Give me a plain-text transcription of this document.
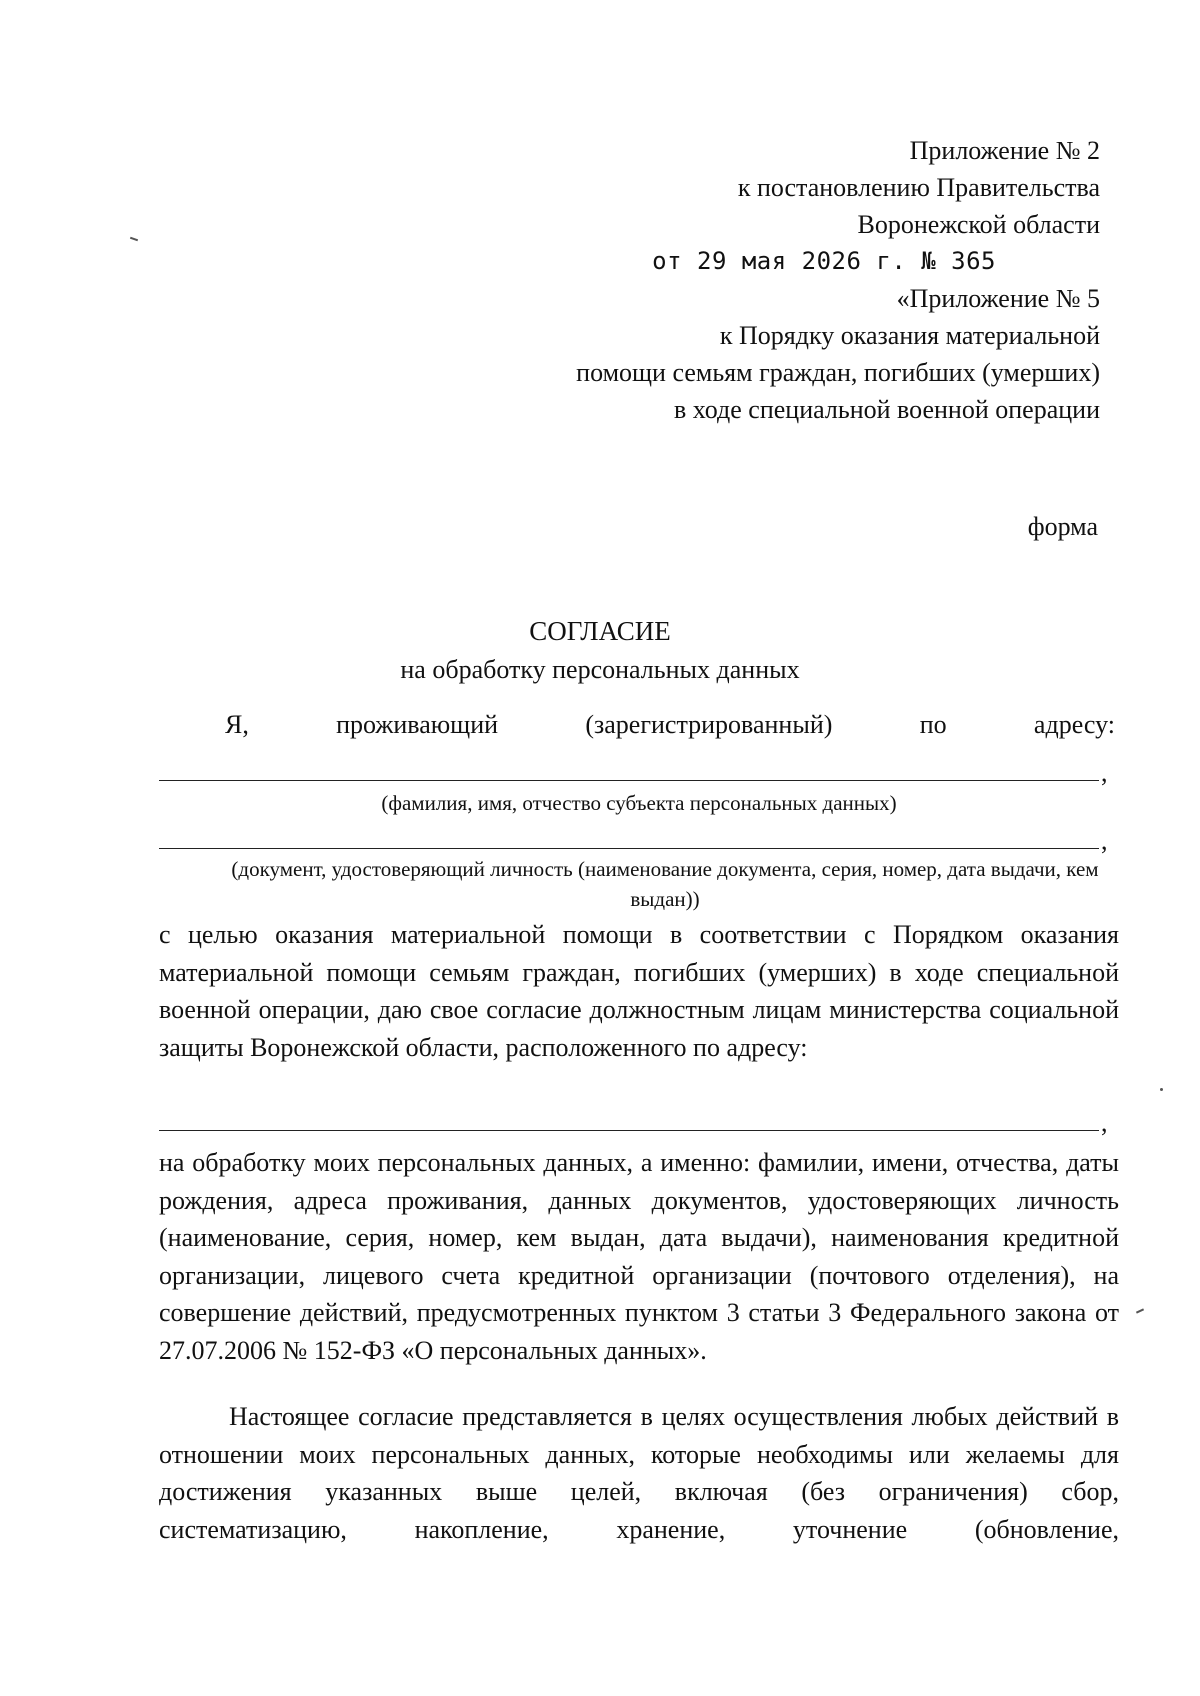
Приложение № 2
к постановлению Правительства
Воронежской области
от 29 мая 2026 г. № 365
«Приложение № 5
к Порядку оказания материальной
помощи семьям граждан, погибших (умерших)
в ходе специальной военной операции
форма
СОГЛАСИЕ
на обработку персональных данных
Я,	проживающий	(зарегистрированный)	по	адресу:
,
(фамилия, имя, отчество субъекта персональных данных)
,
(документ, удостоверяющий личность (наименование документа, серия, номер, дата выдачи, кем выдан))
с целью оказания материальной помощи в соответствии с Порядком оказания материальной помощи семьям граждан, погибших (умерших) в ходе специальной военной операции, даю свое согласие должностным лицам министерства социальной защиты Воронежской области, расположенного по адресу:
,
на обработку моих персональных данных, а именно: фамилии, имени, отчества, даты рождения, адреса проживания, данных документов, удостоверяющих личность (наименование, серия, номер, кем выдан, дата выдачи), наименования кредитной организации, лицевого счета кредитной организации (почтового отделения), на совершение действий, предусмотренных пунктом 3 статьи 3 Федерального закона от 27.07.2006 № 152-ФЗ «О персональных данных».
Настоящее согласие представляется в целях осуществления любых действий в отношении моих персональных данных, которые необходимы или желаемы для достижения указанных выше целей, включая (без ограничения) сбор, систематизацию, накопление, хранение, уточнение (обновление,
